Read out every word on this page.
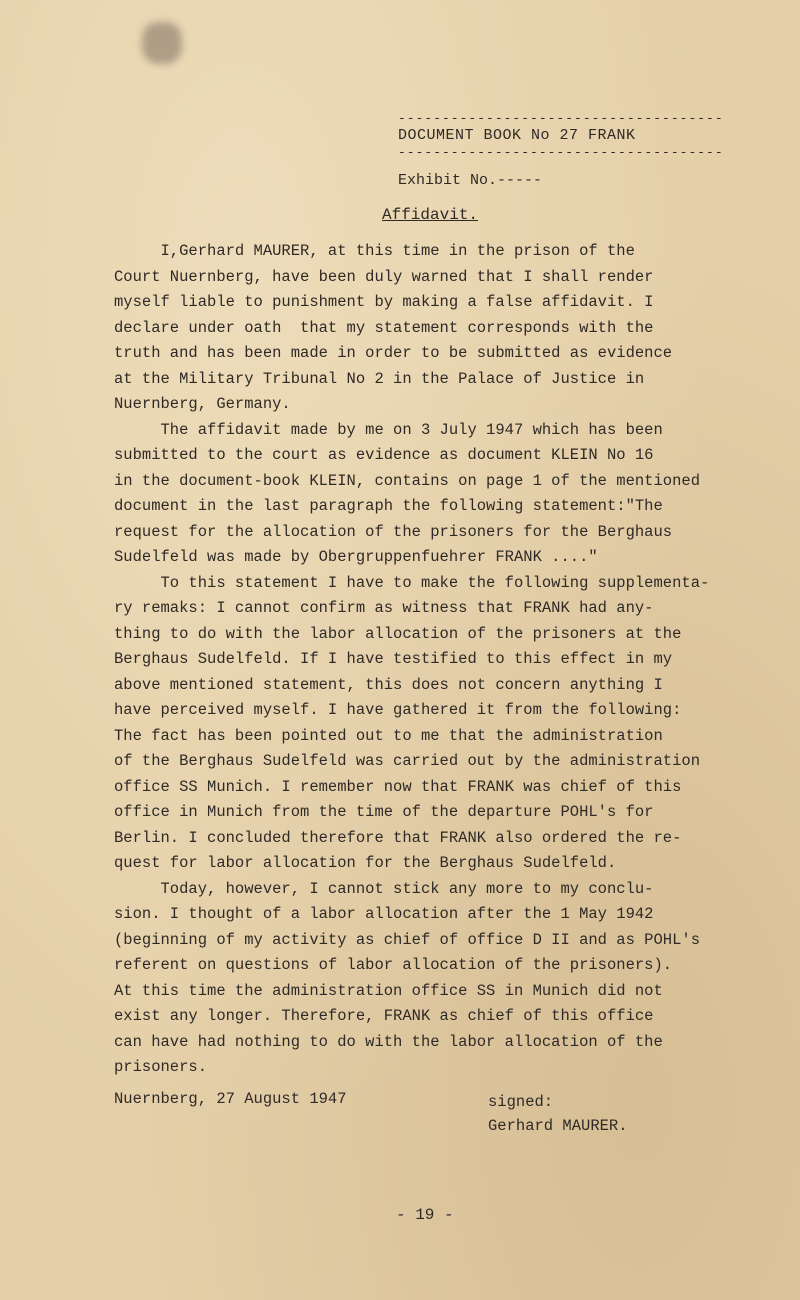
-------------------------------------
DOCUMENT BOOK No 27 FRANK
-------------------------------------
Exhibit No.-----
Affidavit.

I,Gerhard MAURER, at this time in the prison of the

Court Nuernberg, have been duly warned that I shall render

myself liable to punishment by making a false affidavit. I

declare under oath  that my statement corresponds with the

truth and has been made in order to be submitted as evidence

at the Military Tribunal No 2 in the Palace of Justice in

Nuernberg, Germany.

The affidavit made by me on 3 July 1947 which has been

submitted to the court as evidence as document KLEIN No 16

in the document-book KLEIN, contains on page 1 of the mentioned

document in the last paragraph the following statement:"The

request for the allocation of the prisoners for the Berghaus

Sudelfeld was made by Obergruppenfuehrer FRANK ...."

To this statement I have to make the following supplementa-

ry remaks: I cannot confirm as witness that FRANK had any-

thing to do with the labor allocation of the prisoners at the

Berghaus Sudelfeld. If I have testified to this effect in my

above mentioned statement, this does not concern anything I

have perceived myself. I have gathered it from the following:

The fact has been pointed out to me that the administration

of the Berghaus Sudelfeld was carried out by the administration

office SS Munich. I remember now that FRANK was chief of this

office in Munich from the time of the departure POHL's for

Berlin. I concluded therefore that FRANK also ordered the re-

quest for labor allocation for the Berghaus Sudelfeld.

Today, however, I cannot stick any more to my conclu-

sion. I thought of a labor allocation after the 1 May 1942

(beginning of my activity as chief of office D II and as POHL's

referent on questions of labor allocation of the prisoners).

At this time the administration office SS in Munich did not

exist any longer. Therefore, FRANK as chief of this office

can have had nothing to do with the labor allocation of the

prisoners.

Nuernberg, 27 August 1947	signed:

Gerhard MAURER.

- 19 -
